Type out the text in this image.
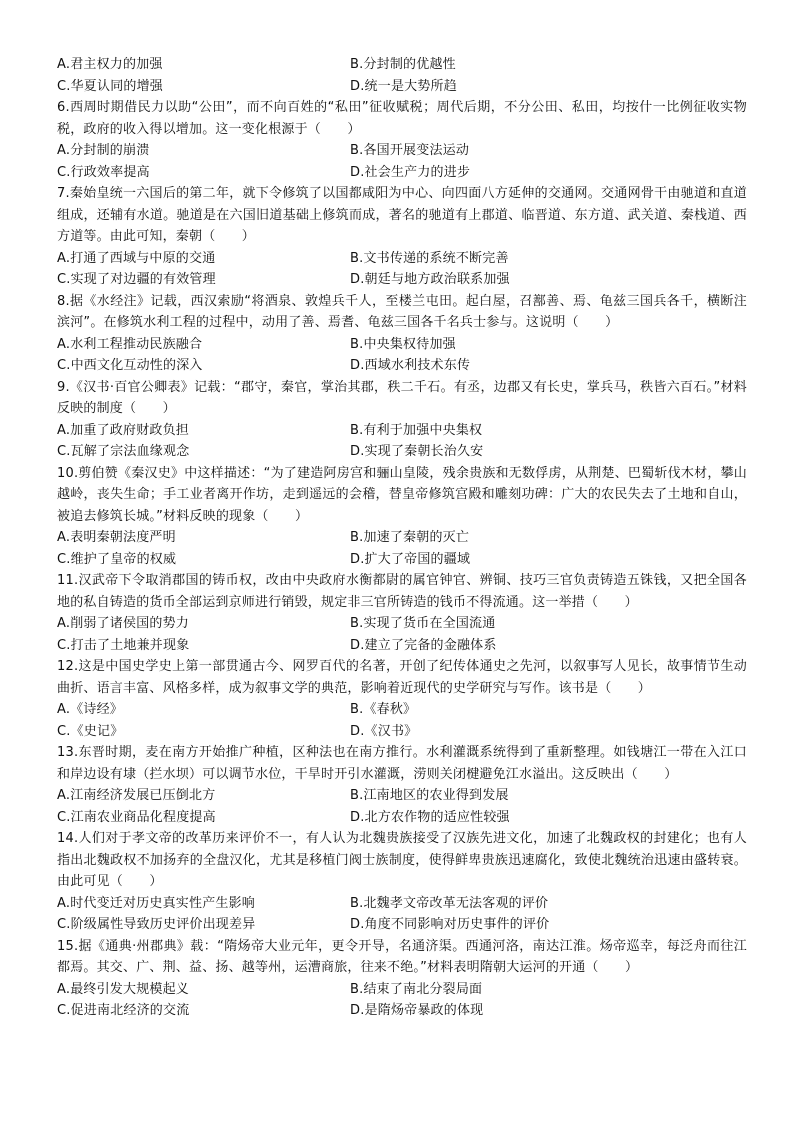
A.君主权力的加强	B.分封制的优越性
C.华夏认同的增强	D.统一是大势所趋
6.西周时期借民力以助“公田”，而不向百姓的“私田”征收赋税；周代后期，不分公田、私田，均按什一比例征收实物税，政府的收入得以增加。这一变化根源于（　　）
A.分封制的崩溃	B.各国开展变法运动
C.行政效率提高	D.社会生产力的进步
7.秦始皇统一六国后的第二年，就下令修筑了以国都咸阳为中心、向四面八方延伸的交通网。交通网骨干由驰道和直道组成，还辅有水道。驰道是在六国旧道基础上修筑而成，著名的驰道有上郡道、临晋道、东方道、武关道、秦栈道、西方道等。由此可知，秦朝（　　）
A.打通了西域与中原的交通	B.文书传递的系统不断完善
C.实现了对边疆的有效管理	D.朝廷与地方政治联系加强
8.据《水经注》记载，西汉索励“将酒泉、敦煌兵千人，至楼兰屯田。起白屋，召鄯善、焉、龟兹三国兵各千，横断注滨河”。在修筑水利工程的过程中，动用了善、焉耆、龟兹三国各千名兵士参与。这说明（　　）
A.水利工程推动民族融合	B.中央集权待加强
C.中西文化互动性的深入	D.西域水利技术东传
9.《汉书·百官公卿表》记载：“郡守，秦官，掌治其郡，秩二千石。有丞，边郡又有长史，掌兵马，秩皆六百石。”材料反映的制度（　　）
A.加重了政府财政负担	B.有利于加强中央集权
C.瓦解了宗法血缘观念	D.实现了秦朝长治久安
10.剪伯赞《秦汉史》中这样描述：“为了建造阿房宫和骊山皇陵，残余贵族和无数俘虏，从荆楚、巴蜀斩伐木材，攀山越岭，丧失生命；手工业者离开作坊，走到遥远的会稽，替皇帝修筑宫殿和雕刻功碑：广大的农民失去了土地和自山，被追去修筑长城。”材料反映的现象（　　）
A.表明秦朝法度严明	B.加速了秦朝的灭亡
C.维护了皇帝的权威	D.扩大了帝国的疆域
11.汉武帝下令取消郡国的铸币权，改由中央政府水衡都尉的属官钟官、辨铜、技巧三官负责铸造五铢钱，又把全国各地的私自铸造的货币全部运到京师进行销毁，规定非三官所铸造的钱币不得流通。这一举措（　　）
A.削弱了诸侯国的势力	B.实现了货币在全国流通
C.打击了土地兼并现象	D.建立了完备的金融体系
12.这是中国史学史上第一部贯通古今、网罗百代的名著，开创了纪传体通史之先河，以叙事写人见长，故事情节生动曲折、语言丰富、风格多样，成为叙事文学的典范，影响着近现代的史学研究与写作。该书是（　　）
A.《诗经》	B.《春秋》
C.《史记》	D.《汉书》
13.东晋时期，麦在南方开始推广种植，区种法也在南方推行。水利灌溉系统得到了重新整理。如钱塘江一带在入江口和岸边设有埭（拦水坝）可以调节水位，干旱时开引水灌溉，涝则关闭楗避免江水溢出。这反映出（　　）
A.江南经济发展已压倒北方	B.江南地区的农业得到发展
C.江南农业商品化程度提高	D.北方农作物的适应性较强
14.人们对于孝文帝的改革历来评价不一，有人认为北魏贵族接受了汉族先进文化，加速了北魏政权的封建化；也有人指出北魏政权不加扬弃的全盘汉化，尤其是移植门阀士族制度，使得鲜卑贵族迅速腐化，致使北魏统治迅速由盛转衰。由此可见（　　）
A.时代变迁对历史真实性产生影响	B.北魏孝文帝改革无法客观的评价
C.阶级属性导致历史评价出现差异	D.角度不同影响对历史事件的评价
15.据《通典·州郡典》载：“隋炀帝大业元年，更令开导，名通济渠。西通河洛，南达江淮。炀帝巡幸，每泛舟而往江都焉。其交、广、荆、益、扬、越等州，运漕商旅，往来不绝。”材料表明隋朝大运河的开通（　　）
A.最终引发大规模起义	B.结束了南北分裂局面
C.促进南北经济的交流	D.是隋炀帝暴政的体现
